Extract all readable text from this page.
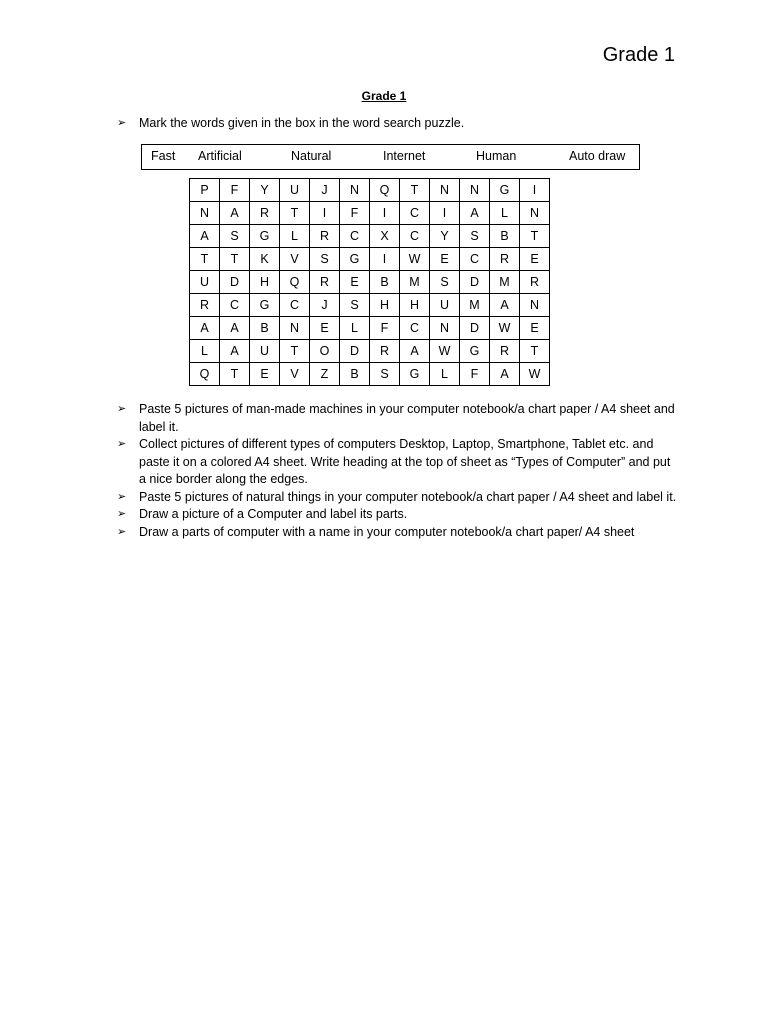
Grade 1
Grade 1
➢	Mark the words given in the box in the word search puzzle.
Fast Artificial	Natural	Internet	Human	Auto draw
P	F	Y	U	J	N	Q	T	N	N	G	I
N	A	R	T	I	F	I	C	I	A	L	N
A	S	G	L	R	C	X	C	Y	S	B	T
T	T	K	V	S	G	I	W	E	C	R	E
U	D	H	Q	R	E	B	M	S	D	M	R
R	C	G	C	J	S	H	H	U	M	A	N
A	A	B	N	E	L	F	C	N	D	W	E
L	A	U	T	O	D	R	A	W	G	R	T
Q	T	E	V	Z	B	S	G	L	F	A	W
➢ Paste 5 pictures of man-made machines in your computer notebook/a chart paper / A4 sheet and label it.
➢ Collect pictures of different types of computers Desktop, Laptop, Smartphone, Tablet etc. and paste it on a colored A4 sheet. Write heading at the top of sheet as “Types of Computer” and put a nice border along the edges.
➢ Paste 5 pictures of natural things in your computer notebook/a chart paper / A4 sheet and label it.
➢ Draw a picture of a Computer and label its parts.
➢ Draw a parts of computer with a name in your computer notebook/a chart paper/ A4 sheet
